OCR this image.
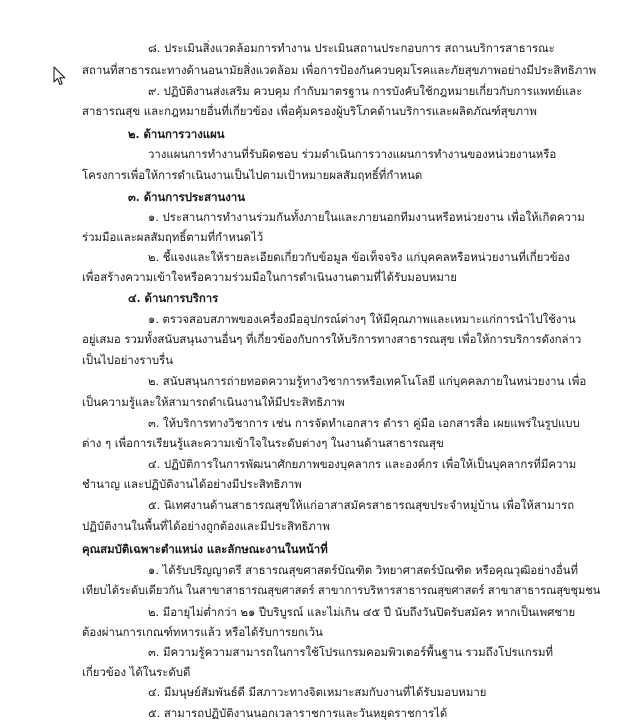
๘. ประเมินสิ่งแวดล้อมการทำงาน ประเมินสถานประกอบการ สถานบริการสาธารณะ
สถานที่สาธารณะทางด้านอนามัยสิ่งแวดล้อม เพื่อการป้องกันควบคุมโรคและภัยสุขภาพอย่างมีประสิทธิภาพ
๙. ปฏิบัติงานส่งเสริม ควบคุม กำกับมาตรฐาน การบังคับใช้กฎหมายเกี่ยวกับการแพทย์และ
สาธารณสุข และกฎหมายอื่นที่เกี่ยวข้อง เพื่อคุ้มครองผู้บริโภคด้านบริการและผลิตภัณฑ์สุขภาพ
๒. ด้านการวางแผน
วางแผนการทำงานที่รับผิดชอบ ร่วมดำเนินการวางแผนการทำงานของหน่วยงานหรือ
โครงการเพื่อให้การดำเนินงานเป็นไปตามเป้าหมายผลสัมฤทธิ์ที่กำหนด
๓. ด้านการประสานงาน
๑. ประสานการทำงานร่วมกันทั้งภายในและภายนอกทีมงานหรือหน่วยงาน เพื่อให้เกิดความ
ร่วมมือและผลสัมฤทธิ์ตามที่กำหนดไว้
๒. ชี้แจงและให้รายละเอียดเกี่ยวกับข้อมูล ข้อเท็จจริง แก่บุคคลหรือหน่วยงานที่เกี่ยวข้อง
เพื่อสร้างความเข้าใจหรือความร่วมมือในการดำเนินงานตามที่ได้รับมอบหมาย
๔. ด้านการบริการ
๑. ตรวจสอบสภาพของเครื่องมืออุปกรณ์ต่างๆ ให้มีคุณภาพและเหมาะแก่การนำไปใช้งาน
อยู่เสมอ รวมทั้งสนับสนุนงานอื่นๆ ที่เกี่ยวข้องกับการให้บริการทางสาธารณสุข เพื่อให้การบริการดังกล่าว
เป็นไปอย่างราบรื่น
๒. สนับสนุนการถ่ายทอดความรู้ทางวิชาการหรือเทคโนโลยี แก่บุคคลภายในหน่วยงาน เพื่อ
เป็นความรู้และให้สามารถดำเนินงานให้มีประสิทธิภาพ
๓. ให้บริการทางวิชาการ เช่น การจัดทำเอกสาร ตำรา คู่มือ เอกสารสื่อ เผยแพร่ในรูปแบบ
ต่าง ๆ เพื่อการเรียนรู้และความเข้าใจในระดับต่างๆ ในงานด้านสาธารณสุข
๔. ปฏิบัติการในการพัฒนาศักยภาพของบุคลากร และองค์กร เพื่อให้เป็นบุคลากรที่มีความ
ชำนาญ และปฏิบัติงานได้อย่างมีประสิทธิภาพ
๕. นิเทศงานด้านสาธารณสุขให้แก่อาสาสมัครสาธารณสุขประจำหมู่บ้าน เพื่อให้สามารถ
ปฏิบัติงานในพื้นที่ได้อย่างถูกต้องและมีประสิทธิภาพ
คุณสมบัติเฉพาะตำแหน่ง และลักษณะงานในหน้าที่
๑. ได้รับปริญญาตรี สาธารณสุขศาสตร์บัณฑิต วิทยาศาสตร์บัณฑิต หรือคุณวุฒิอย่างอื่นที่
เทียบได้ระดับเดียวกัน ในสาขาสาธารณสุขศาสตร์ สาขาการบริหารสาธารณสุขศาสตร์ สาขาสาธารณสุขชุมชน
๒. มีอายุไม่ต่ำกว่า ๒๑ ปีบริบูรณ์ และไม่เกิน ๔๕ ปี นับถึงวันปิดรับสมัคร หากเป็นเพศชาย
ต้องผ่านการเกณฑ์ทหารแล้ว หรือได้รับการยกเว้น
๓. มีความรู้ความสามารถในการใช้โปรแกรมคอมพิวเตอร์พื้นฐาน รวมถึงโปรแกรมที่
เกี่ยวข้อง ได้ในระดับดี
๔. มีมนุษย์สัมพันธ์ดี มีสภาวะทางจิตเหมาะสมกับงานที่ได้รับมอบหมาย
๕. สามารถปฏิบัติงานนอกเวลาราชการและวันหยุดราชการได้
